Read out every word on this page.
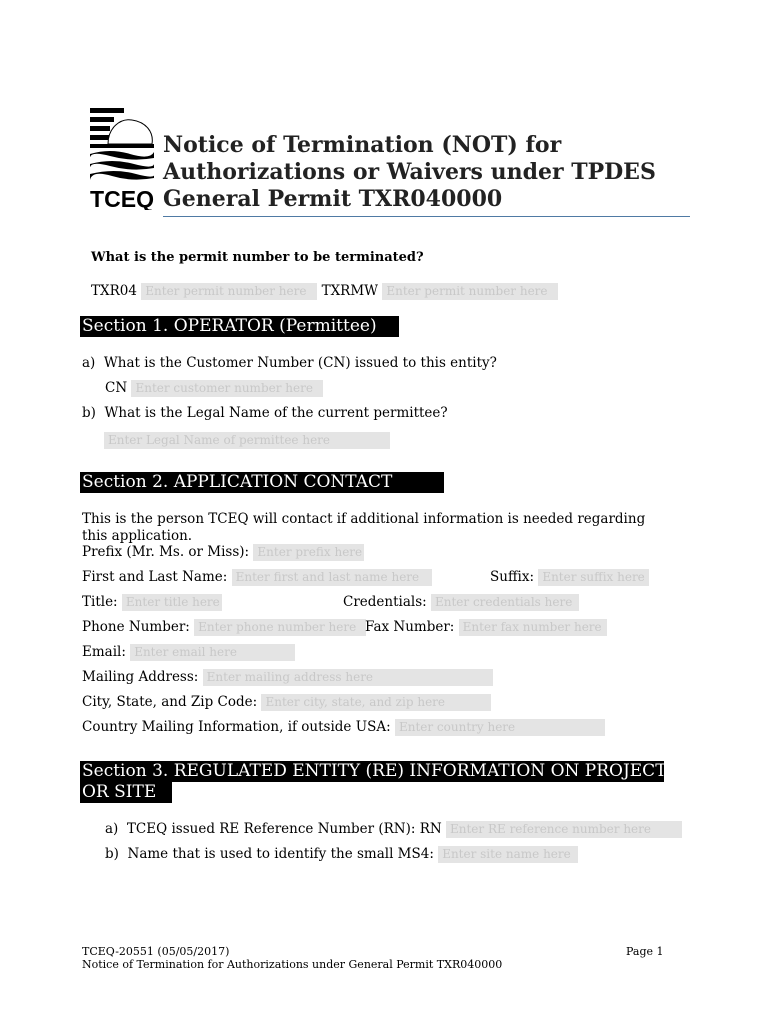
TCEQ
Notice of Termination (NOT) for
Authorizations or Waivers under TPDES
General Permit TXR040000
What is the permit number to be terminated?
TXR04 Enter permit number here TXRMW Enter permit number here
Section 1. OPERATOR (Permittee)
a) What is the Customer Number (CN) issued to this entity?
CN Enter customer number here
b) What is the Legal Name of the current permittee?
Enter Legal Name of permittee here
Section 2. APPLICATION CONTACT
This is the person TCEQ will contact if additional information is needed regarding
this application.
Prefix (Mr. Ms. or Miss): Enter prefix here
First and Last Name: Enter first and last name here	Suffix: Enter suffix here
Title: Enter title here	Credentials: Enter credentials here
Phone Number: Enter phone number here Fax Number: Enter fax number here
Email: Enter email here
Mailing Address: Enter mailing address here
City, State, and Zip Code: Enter city, state, and zip here
Country Mailing Information, if outside USA: Enter country here
Section 3. REGULATED ENTITY (RE) INFORMATION ON PROJECT
OR SITE
a) TCEQ issued RE Reference Number (RN): RN Enter RE reference number here
b) Name that is used to identify the small MS4: Enter site name here
TCEQ-20551 (05/05/2017)
Notice of Termination for Authorizations under General Permit TXR040000
Page 1
